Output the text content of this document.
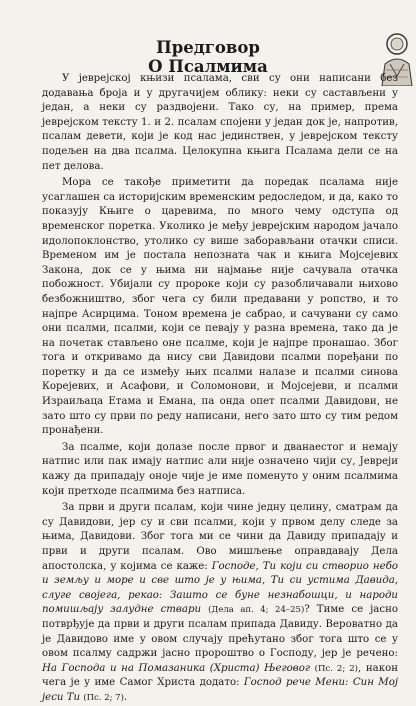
Предговор
О Псалмима

У јеврејској књизи псалама, сви су они написани без додавања броја и у другачијем облику: неки су састављени у један, а неки су раздвојени. Тако су, на пример, према јеврејском тексту 1. и 2. псалам спојени у један док је, напротив, псалам девети, који је код нас јединствен, у јеврејском тексту подељен на два псалма. Целокупна књига Псалама дели се на пет делова.

Мора се такође приметити да поредак псалама није усаглашен са историјским временским редоследом, и да, како то показују Књиге о царевима, по много чему одступа од временског поретка. Уколико је међу јеврејским народом јачало идолопоклонство, утолико су више заборављани отачки списи. Временом им је постала непозната чак и књига Мојсејевих Закона, док се у њима ни најмање није сачувала отачка побожност. Убијали су пророке који су разобличавали њихово безбожништво, због чега су били предавани у ропство, и то најпре Асирцима. Тоном времена је сабрао, и сачувани су само они псалми, псалми, који се певају у разна времена, тако да је на почетак стављено оне псалме, који је најпре пронашао. Због тога и откривамо да нису сви Давидови псалми поређани по поретку и да се између њих псалми налазе и псалми синова Корејевих, и Асафови, и Соломонови, и Мојсејеви, и псалми Израиљаца Етама и Емана, па онда опет псалми Давидови, не зато што су први по реду написани, него зато што су тим редом пронађени.

За псалме, који долазе после првог и дванаестог и немају натпис или пак имају натпис али није означено чији су, Јевреји кажу да припадају оноје чије је име поменуто у оним псалмима који претходе псалмима без натписа.

За први и други псалам, који чине једну целину, сматрам да су Давидови, јер су и сви псалми, који у првом делу следе за њима, Давидови. Због тога ми се чини да Давиду припадају и први и други псалам. Ово мишљење оправдавају Дела апостолска, у којима се каже: Господе, Ти који си створио небо и земљу и море и све што је у њима, Ти си устима Давида, слуге својега, рекао: Зашто се буне незнабошци, и народи помишљају залудне ствари (Дела ап. 4; 24–25)? Тиме се јасно потврђује да први и други псалам припада Давиду. Вероватно да је Давидово име у овом случају прећутано због тога што се у овом псалму садржи јасно пророштво о Господу, јер је речено: На Господа и на Помазаника (Христа) Његовог (Пс. 2; 2), након чега је у име Самог Христа додато: Господ рече Мени: Син Мој јеси Ти (Пс. 2; 7).
